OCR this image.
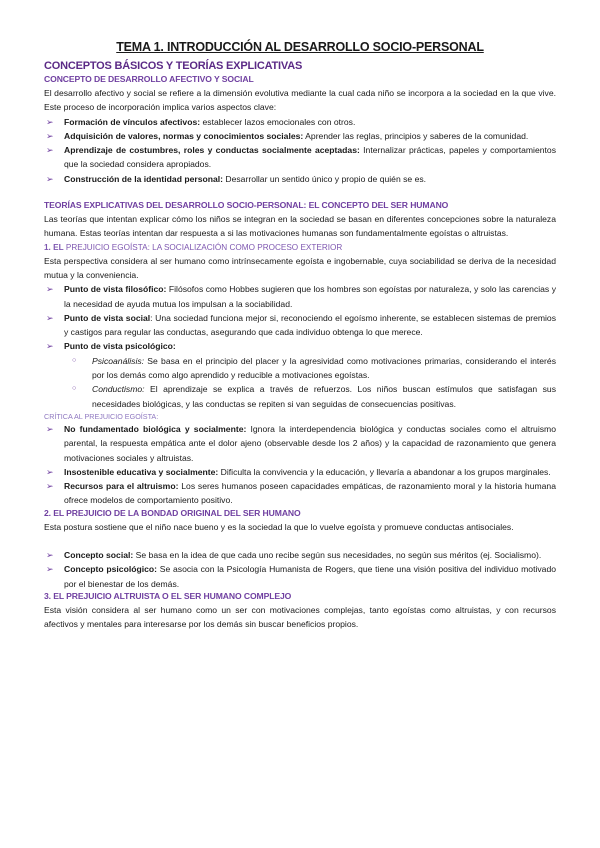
TEMA 1. INTRODUCCIÓN AL DESARROLLO SOCIO-PERSONAL
CONCEPTOS BÁSICOS Y TEORÍAS EXPLICATIVAS
CONCEPTO DE DESARROLLO AFECTIVO Y SOCIAL

El desarrollo afectivo y social se refiere a la dimensión evolutiva mediante la cual cada niño se incorpora a la sociedad en la que vive. Este proceso de incorporación implica varios aspectos clave:

➢ Formación de vínculos afectivos: establecer lazos emocionales con otros.
➢ Adquisición de valores, normas y conocimientos sociales: Aprender las reglas, principios y saberes de la comunidad.
➢ Aprendizaje de costumbres, roles y conductas socialmente aceptadas: Internalizar prácticas, papeles y comportamientos que la sociedad considera apropiados.
➢ Construcción de la identidad personal: Desarrollar un sentido único y propio de quién se es.
TEORÍAS EXPLICATIVAS DEL DESARROLLO SOCIO-PERSONAL: EL CONCEPTO DEL SER HUMANO

Las teorías que intentan explicar cómo los niños se integran en la sociedad se basan en diferentes concepciones sobre la naturaleza humana. Estas teorías intentan dar respuesta a si las motivaciones humanas son fundamentalmente egoístas o altruistas.

1. EL PREJUICIO EGOÍSTA: LA SOCIALIZACIÓN COMO PROCESO EXTERIOR

Esta perspectiva considera al ser humano como intrínsecamente egoísta e ingobernable, cuya sociabilidad se deriva de la necesidad mutua y la conveniencia.

➢ Punto de vista filosófico: Filósofos como Hobbes sugieren que los hombres son egoístas por naturaleza, y solo las carencias y la necesidad de ayuda mutua los impulsan a la sociabilidad.
➢ Punto de vista social: Una sociedad funciona mejor si, reconociendo el egoísmo inherente, se establecen sistemas de premios y castigos para regular las conductas, asegurando que cada individuo obtenga lo que merece.
➢ Punto de vista psicológico:
○ Psicoanálisis: Se basa en el principio del placer y la agresividad como motivaciones primarias, considerando el interés por los demás como algo aprendido y reducible a motivaciones egoístas.
○ Conductismo: El aprendizaje se explica a través de refuerzos. Los niños buscan estímulos que satisfagan sus necesidades biológicas, y las conductas se repiten si van seguidas de consecuencias positivas.
CRÍTICA AL PREJUICIO EGOÍSTA:
➢ No fundamentado biológica y socialmente: Ignora la interdependencia biológica y conductas sociales como el altruismo parental, la respuesta empática ante el dolor ajeno (observable desde los 2 años) y la capacidad de razonamiento que genera motivaciones sociales y altruistas.
➢ Insostenible educativa y socialmente: Dificulta la convivencia y la educación, y llevaría a abandonar a los grupos marginales.
➢ Recursos para el altruismo: Los seres humanos poseen capacidades empáticas, de razonamiento moral y la historia humana ofrece modelos de comportamiento positivo.
2. EL PREJUICIO DE LA BONDAD ORIGINAL DEL SER HUMANO

Esta postura sostiene que el niño nace bueno y es la sociedad la que lo vuelve egoísta y promueve conductas antisociales.

➢ Concepto social: Se basa en la idea de que cada uno recibe según sus necesidades, no según sus méritos (ej. Socialismo).
➢ Concepto psicológico: Se asocia con la Psicología Humanista de Rogers, que tiene una visión positiva del individuo motivado por el bienestar de los demás.
3. EL PREJUICIO ALTRUISTA O EL SER HUMANO COMPLEJO

Esta visión considera al ser humano como un ser con motivaciones complejas, tanto egoístas como altruistas, y con recursos afectivos y mentales para interesarse por los demás sin buscar beneficios propios.
